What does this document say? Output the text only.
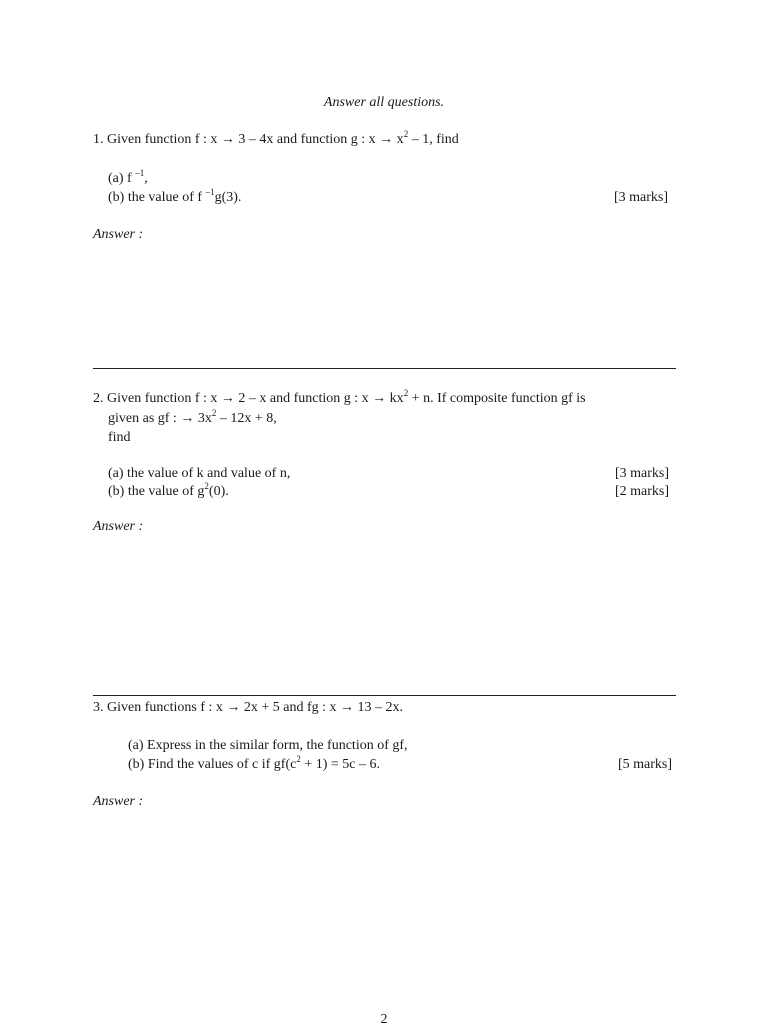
Answer all questions.
1. Given function f : x → 3 – 4x and function g : $x \to x^2 - 1$, find
(a) f $^{-1}$,
(b) the value of f $^{-1}$g(3).	[3 marks]
Answer :
2. Given function f : x → 2 – x and function g : $x \to kx^2 + n$. If composite function gf is
given as gf : → $3x^2 - 12x + 8$,
find
(a) the value of k and value of n,	[3 marks]
(b) the value of $g^2(0)$.	[2 marks]
Answer :
3. Given functions f : x → 2x + 5 and fg : x → 13 – 2x.
(a) Express in the similar form, the function of gf,
(b) Find the values of c if $gf(c^2 + 1) = 5c - 6$.	[5 marks]
Answer :
2
